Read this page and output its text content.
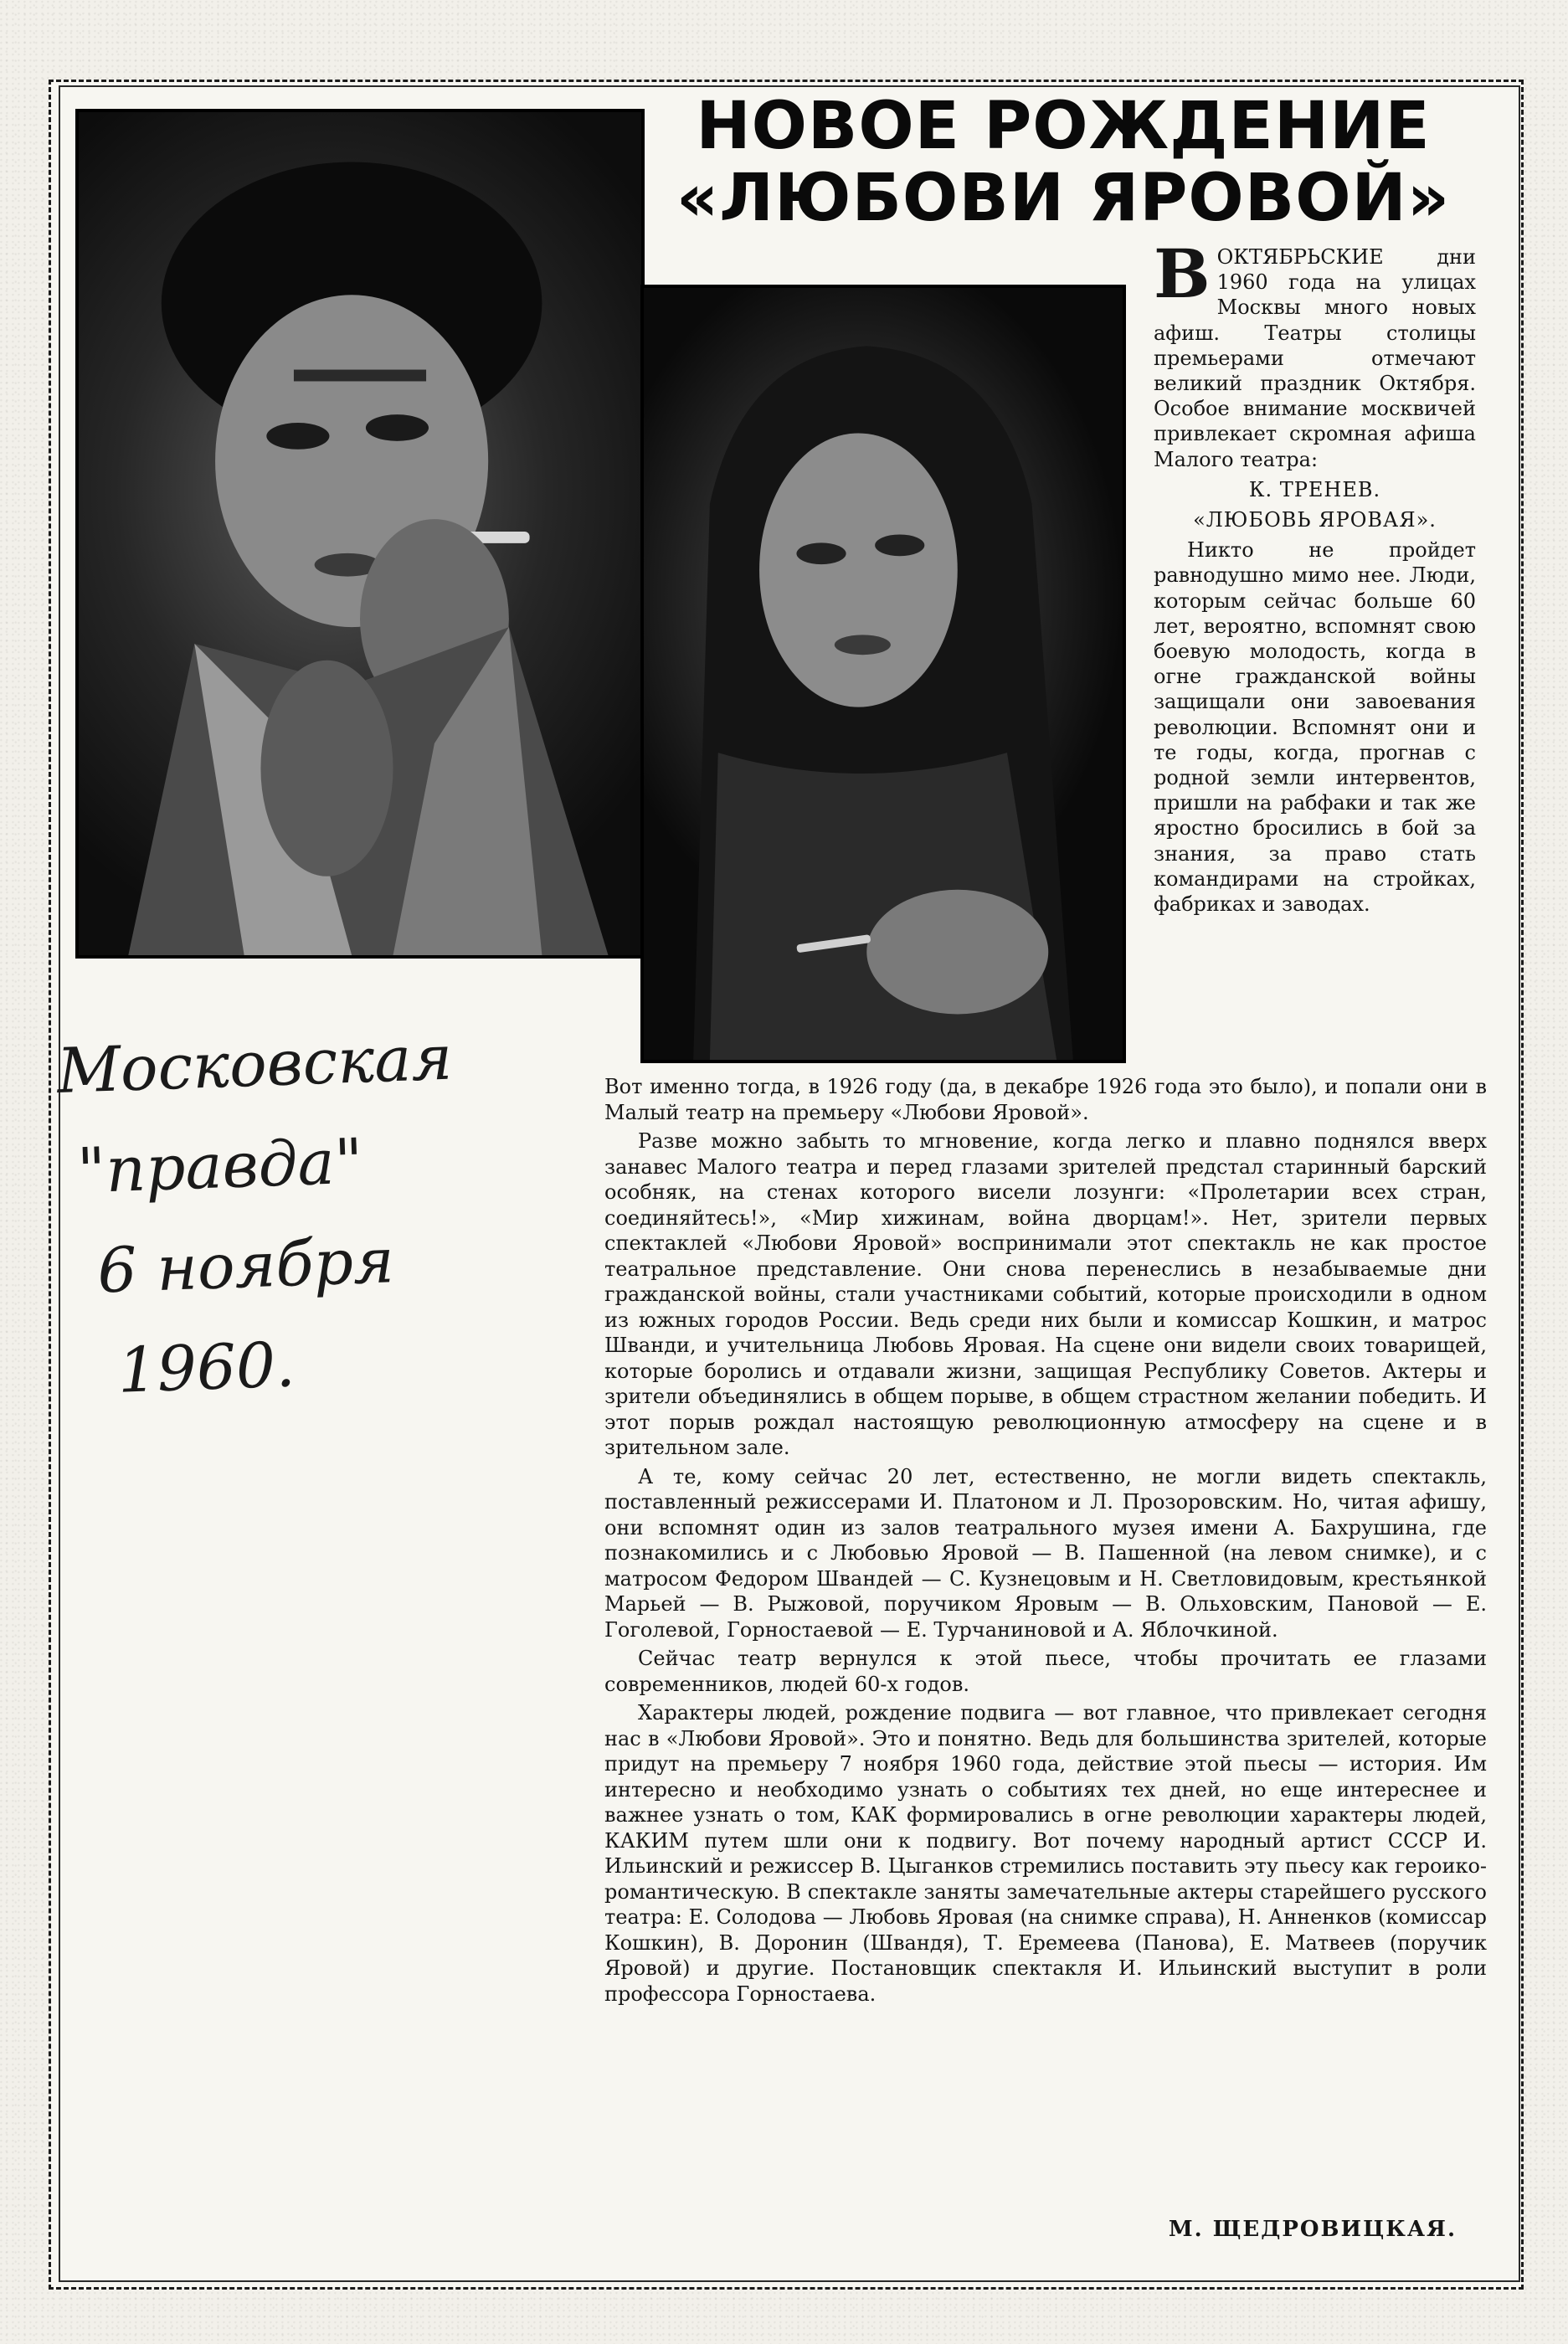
НОВОЕ РОЖДЕНИЕ
«ЛЮБОВИ ЯРОВОЙ»

ВОКТЯБРЬСКИЕ дни 1960 года на улицах Москвы много новых афиш. Театры столицы премьерами отмечают великий праздник Октября. Особое внимание москвичей привлекает скромная афиша Малого театра:

К. ТРЕНЕВ.

«ЛЮБОВЬ ЯРОВАЯ».

Никто не пройдет равнодушно мимо нее. Люди, которым сейчас больше 60 лет, вероятно, вспомнят свою боевую молодость, когда в огне гражданской войны защищали они завоевания революции. Вспомнят они и те годы, когда, прогнав с родной земли интервентов, пришли на рабфаки и так же яростно бросились в бой за знания, за право стать командирами на стройках, фабриках и заводах.

Вот именно тогда, в 1926 году (да, в декабре 1926 года это было), и попали они в Малый театр на премьеру «Любови Яровой».

Разве можно забыть то мгновение, когда легко и плавно поднялся вверх занавес Малого театра и перед глазами зрителей предстал старинный барский особняк, на стенах которого висели лозунги: «Пролетарии всех стран, соединяйтесь!», «Мир хижинам, война дворцам!». Нет, зрители первых спектаклей «Любови Яровой» воспринимали этот спектакль не как простое театральное представление. Они снова перенеслись в незабываемые дни гражданской войны, стали участниками событий, которые происходили в одном из южных городов России. Ведь среди них были и комиссар Кошкин, и матрос Шванди, и учительница Любовь Яровая. На сцене они видели своих товарищей, которые боролись и отдавали жизни, защищая Республику Советов. Актеры и зрители объединялись в общем порыве, в общем страстном желании победить. И этот порыв рождал настоящую революционную атмосферу на сцене и в зрительном зале.

А те, кому сейчас 20 лет, естественно, не могли видеть спектакль, поставленный режиссерами И. Платоном и Л. Прозоровским. Но, читая афишу, они вспомнят один из залов театрального музея имени А. Бахрушина, где познакомились и с Любовью Яровой — В. Пашенной (на левом снимке), и с матросом Федором Швандей — С. Кузнецовым и Н. Светловидовым, крестьянкой Марьей — В. Рыжовой, поручиком Яровым — В. Ольховским, Пановой — Е. Гоголевой, Горностаевой — Е. Турчаниновой и А. Яблочкиной.

Сейчас театр вернулся к этой пьесе, чтобы прочитать ее глазами современников, людей 60-х годов.

Характеры людей, рождение подвига — вот главное, что привлекает сегодня нас в «Любови Яровой». Это и понятно. Ведь для большинства зрителей, которые придут на премьеру 7 ноября 1960 года, действие этой пьесы — история. Им интересно и необходимо узнать о событиях тех дней, но еще интереснее и важнее узнать о том, КАК формировались в огне революции характеры людей, КАКИМ путем шли они к подвигу. Вот почему народный артист СССР И. Ильинский и режиссер В. Цыганков стремились поставить эту пьесу как героико-романтическую. В спектакле заняты замечательные актеры старейшего русского театра: Е. Солодова — Любовь Яровая (на снимке справа), Н. Анненков (комиссар Кошкин), В. Доронин (Швандя), Т. Еремеева (Панова), Е. Матвеев (поручик Яровой) и другие. Постановщик спектакля И. Ильинский выступит в роли профессора Горностаева.

М. ЩЕДРОВИЦКАЯ.
Московская
"правда"
6 ноября
1960.
